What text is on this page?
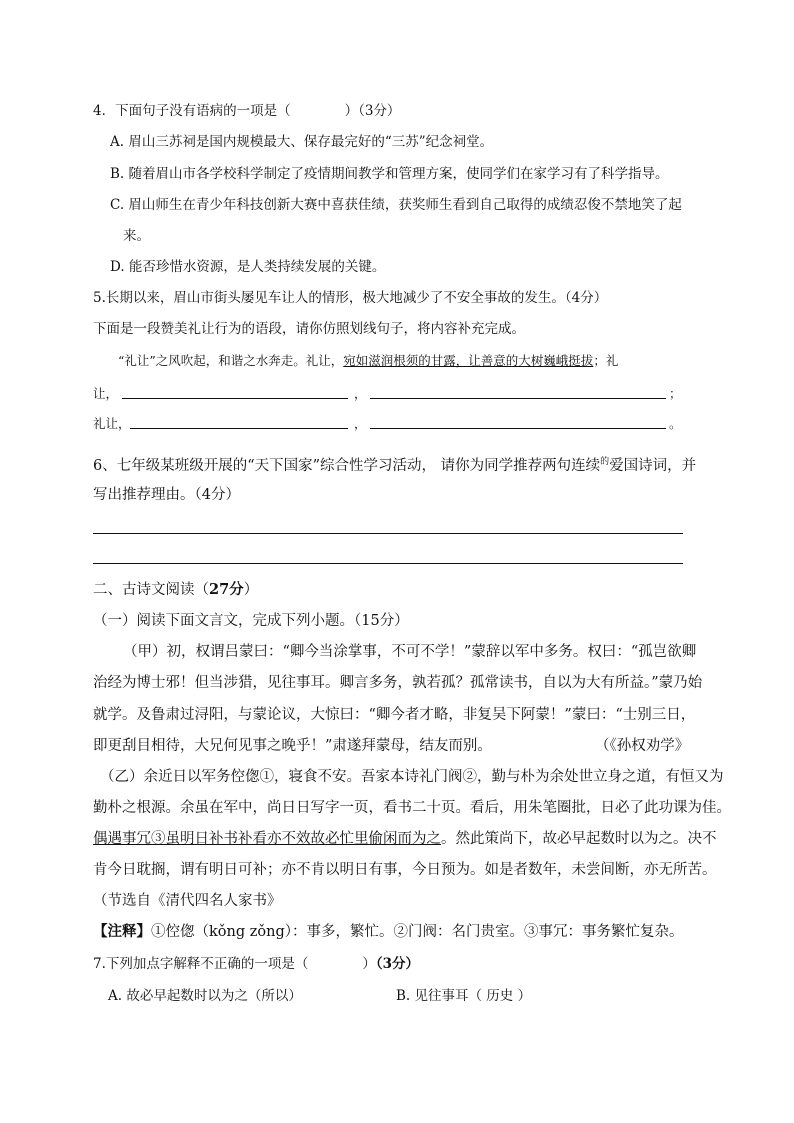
4．下面句子没有语病的一项是（　　　　）（3分）
A. 眉山三苏祠是国内规模最大、保存最完好的“三苏”纪念祠堂。
B. 随着眉山市各学校科学制定了疫情期间教学和管理方案，使同学们在家学习有了科学指导。
C. 眉山师生在青少年科技创新大赛中喜获佳绩，获奖师生看到自己取得的成绩忍俊不禁地笑了起
来。
D. 能否珍惜水资源，是人类持续发展的关键。
5.长期以来，眉山市街头屡见车让人的情形，极大地减少了不安全事故的发生。（4分）
下面是一段赞美礼让行为的语段，请你仿照划线句子，将内容补充完成。
“礼让”之风吹起，和谐之水奔走。礼让，宛如滋润根须的甘露，让善意的大树巍峨挺拔；礼
让，	，	；
礼让，	，	。
6、七年级某班级开展的“天下国家”综合性学习活动， 请你为同学推荐两句连续$^的$爱国诗词，并
写出推荐理由。（4分）
二、古诗文阅读（27分）
（一）阅读下面文言文，完成下列小题。（15分）
（甲）初，权谓吕蒙曰：“卿今当涂掌事，不可不学！”蒙辞以军中多务。权曰：“孤岂欲卿
治经为博士邪！但当涉猎，见往事耳。卿言多务，孰若孤？孤常读书，自以为大有所益。”蒙乃始
就学。及鲁肃过浔阳，与蒙论议，大惊曰：“卿今者才略，非复吴下阿蒙！”蒙曰：“士别三日，
即更刮目相待，大兄何见事之晚乎！”肃遂拜蒙母，结友而别。	（《孙权劝学》
（乙）余近日以军务倥偬①，寝食不安。吾家本诗礼门阀②，勤与朴为余处世立身之道，有恒又为
勤朴之根源。余虽在军中，尚日日写字一页，看书二十页。看后，用朱笔圈批，日必了此功课为佳。
偶遇事冗③虽明日补书补看亦不效故必忙里偷闲而为之。然此策尚下，故必早起数时以为之。决不
肯今日耽搁，谓有明日可补；亦不肯以明日有事，今日预为。如是者数年，未尝间断，亦无所苦。
（节选自《清代四名人家书》
【注释】①倥偬（kǒng zǒng）：事多，繁忙。②门阀：名门贵室。③事冗：事务繁忙复杂。
7.下列加点字解释不正确的一项是（　　　　）（3分）
A. 故必早起数时以为之（所以）	B. 见往事耳（ 历史 ）
